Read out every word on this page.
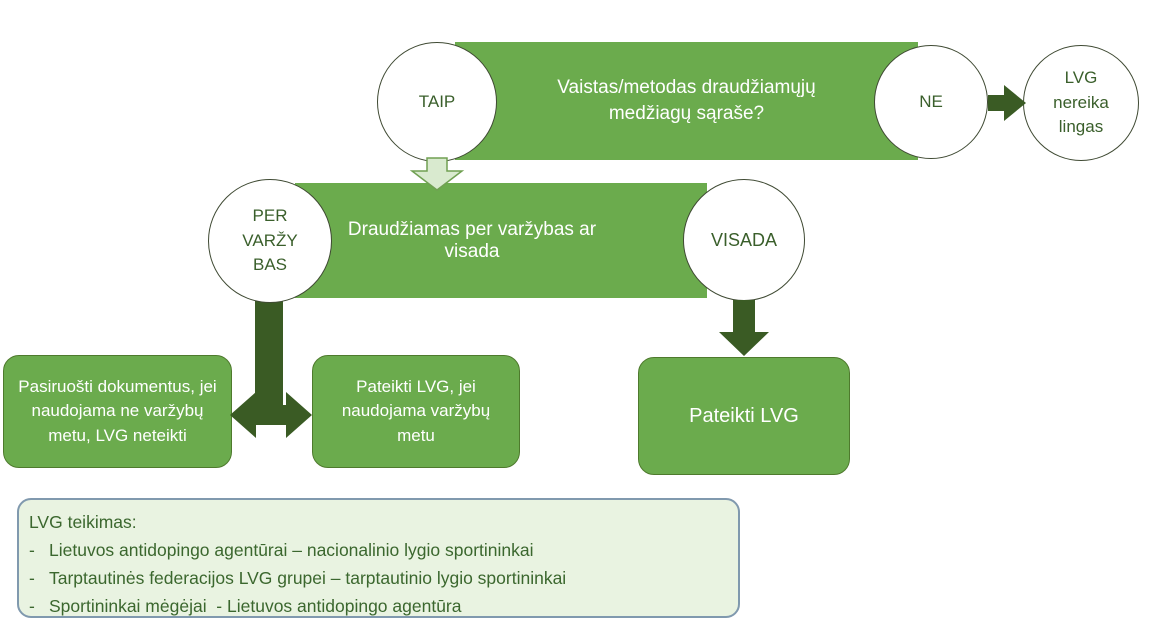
Vaistas/metodas draudžiamųjų medžiagų sąraše?
TAIP	NE
LVG nereika lingas
Draudžiamas per varžybas ar visada
PER VARŽY BAS
VISADA
Pasiruošti dokumentus, jei naudojama ne varžybų metu, LVG neteikti
Pateikti LVG, jei naudojama varžybų metu
Pateikti LVG
LVG teikimas:
- Lietuvos antidopingo agentūrai – nacionalinio lygio sportininkai
- Tarptautinės federacijos LVG grupei – tarptautinio lygio sportininkai
- Sportininkai mėgėjai  - Lietuvos antidopingo agentūra
